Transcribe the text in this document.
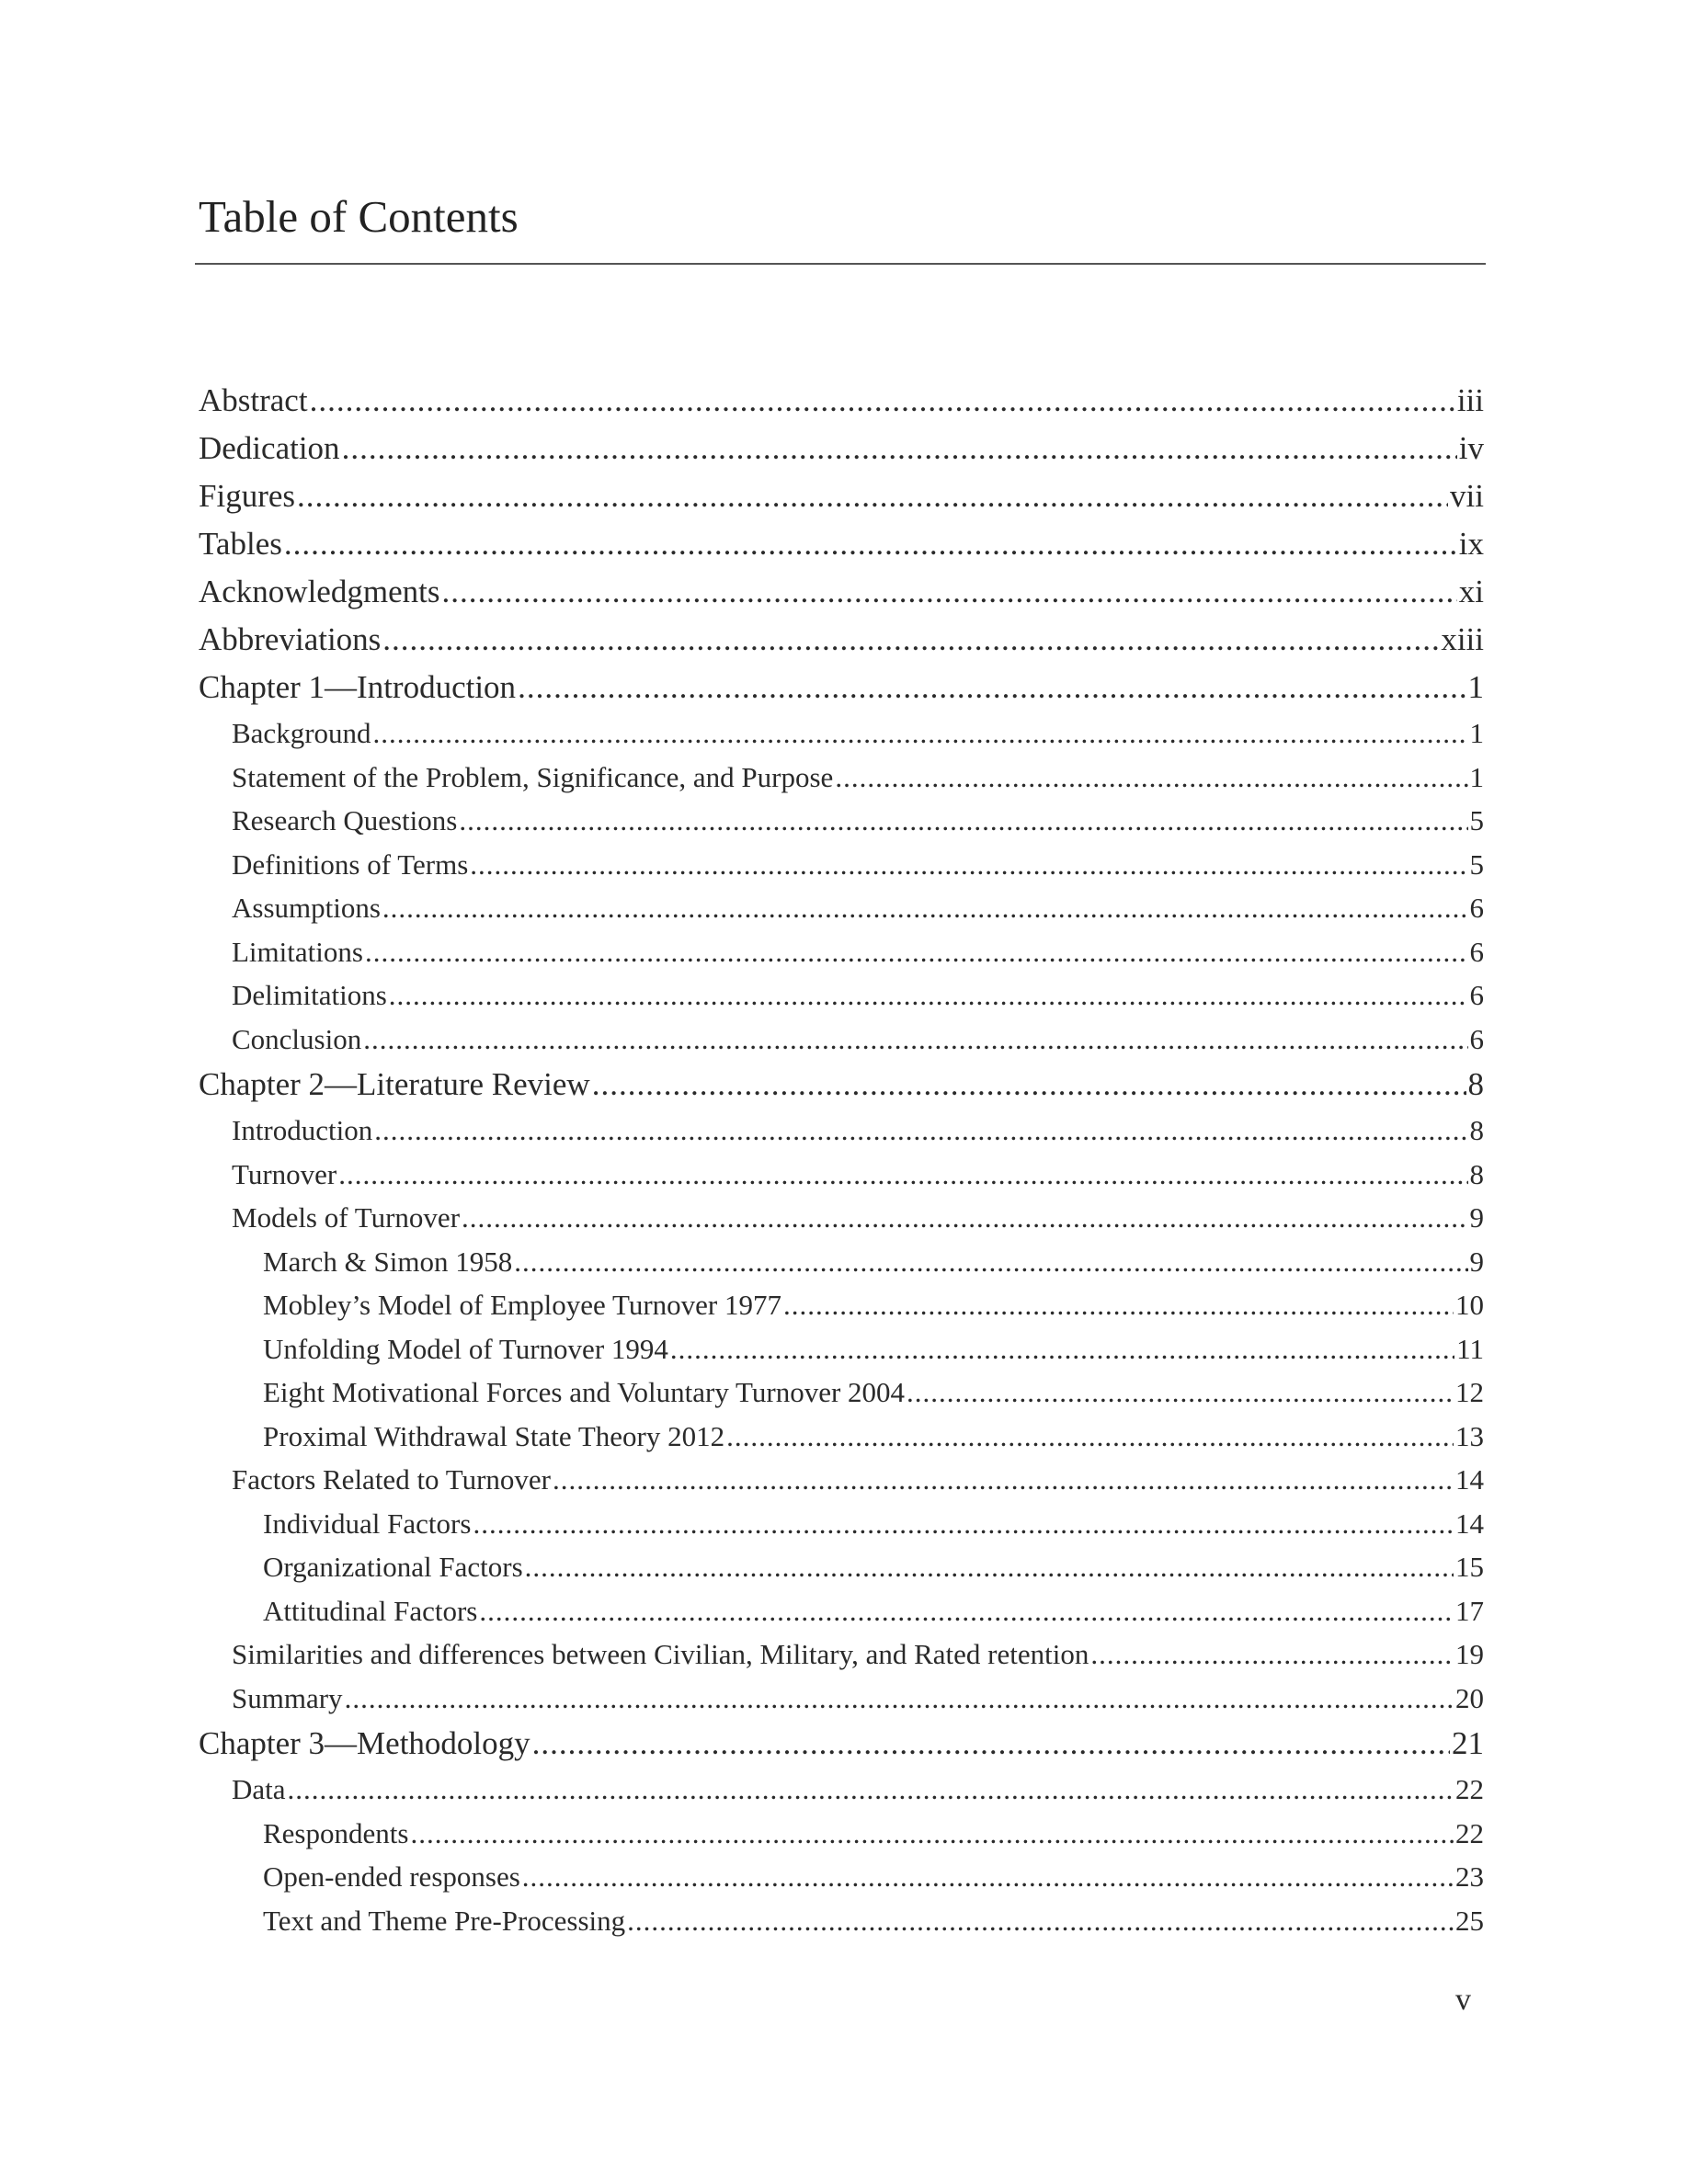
Table of Contents
Abstract .....	iii
Dedication .....	iv
Figures .....	vii
Tables .....	ix
Acknowledgments .....	xi
Abbreviations .....	xiii
Chapter 1—Introduction .....	1
Background .....	1
Statement of the Problem, Significance, and Purpose .....	1
Research Questions .....	5
Definitions of Terms .....	5
Assumptions .....	6
Limitations .....	6
Delimitations .....	6
Conclusion .....	6
Chapter 2—Literature Review .....	8
Introduction .....	8
Turnover .....	8
Models of Turnover .....	9
March & Simon 1958 .....	9
Mobley’s Model of Employee Turnover 1977 .....	10
Unfolding Model of Turnover 1994 .....	11
Eight Motivational Forces and Voluntary Turnover 2004 .....	12
Proximal Withdrawal State Theory 2012 .....	13
Factors Related to Turnover .....	14
Individual Factors .....	14
Organizational Factors .....	15
Attitudinal Factors .....	17
Similarities and differences between Civilian, Military, and Rated retention .....	19
Summary .....	20
Chapter 3—Methodology .....	21
Data .....	22
Respondents .....	22
Open-ended responses .....	23
Text and Theme Pre-Processing .....	25
v
